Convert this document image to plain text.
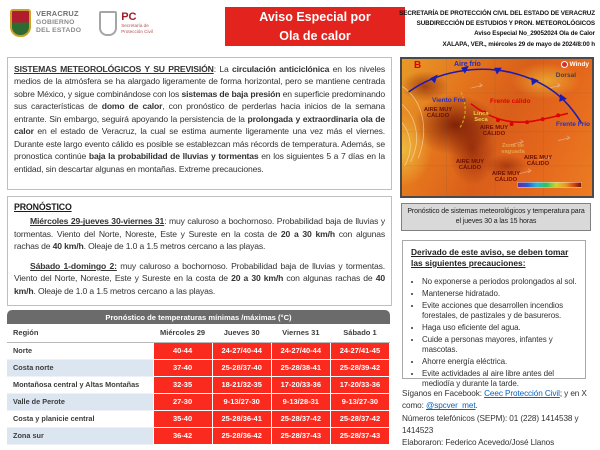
VERACRUZ
GOBIERNO
DEL ESTADO
PC
Secretaría de
Protección Civil
Aviso Especial por
Ola de calor
SECRETARÍA DE PROTECCIÓN CIVIL DEL ESTADO DE VERACRUZ
SUBDIRECCIÓN DE ESTUDIOS Y PRON. METEOROLÓGICOS
Aviso Especial No_29052024 Ola de Calor
XALAPA, VER., miércoles 29 de mayo de 2024/8:00 h
SISTEMAS METEOROLÓGICOS Y SU PREVISIÓN: La circulación anticiclónica en los niveles medios de la atmósfera se ha alargado ligeramente de forma horizontal, pero se mantiene centrada sobre México, y sigue combinándose con los sistemas de baja presión en superficie predominando sus características de domo de calor, con pronóstico de perderlas hacia inicios de la semana entrante. Sin embargo, seguirá apoyando la persistencia de la prolongada y extraordinaria ola de calor en el estado de Veracruz, la cual se estima aumente ligeramente una vez más el viernes. Durante este largo evento cálido es posible se establezcan más récords de temperatura. Además, se pronostica continúe baja la probabilidad de lluvias y tormentas en los siguientes 5 a 7 días en la entidad, sin descartar algunas en montañas. Extreme precauciones.
PRONÓSTICO

Miércoles 29-jueves 30-viernes 31: muy caluroso a bochornoso. Probabilidad baja de lluvias y tormentas. Viento del Norte, Noreste, Este y Sureste en la costa de 20 a 30 km/h con algunas rachas de 40 km/h. Oleaje de 1.0 a 1.5 metros cercano a las playas.

Sábado 1-domingo 2: muy caluroso a bochornoso. Probabilidad baja de lluvias y tormentas. Viento del Norte, Noreste, Este y Sureste en la costa de 20 a 30 km/h con algunas rachas de 40 km/h. Oleaje de 1.0 a 1.5 metros cercano a las playas.

Pronóstico de temperaturas mínimas /máximas (°C)
Región	Miércoles 29	Jueves 30	Viernes 31	Sábado 1
Norte	40-44	24-27/40-44	24-27/40-44	24-27/41-45
Costa norte	37-40	25-28/37-40	25-28/38-41	25-28/39-42
Montañosa central y Altas Montañas	32-35	18-21/32-35	17-20/33-36	17-20/33-36
Valle de Perote	27-30	9-13/27-30	9-13/28-31	9-13/27-30
Costa y planicie central	35-40	25-28/36-41	25-28/37-42	25-28/37-42
Zona sur	36-42	25-28/36-42	25-28/37-43	25-28/37-43
B	Aire frío	Windy
Dorsal
Viento Frío	Frente cálido
Frente Frío
Línea Seca
Zona de vaguada
AIRE MUY CÁLIDO
AIRE MUY CÁLIDO
AIRE MUY CÁLIDO
AIRE MUY CÁLIDO
AIRE MUY CÁLIDO
Pronóstico de sistemas meteorológicos y temperatura para el jueves 30 a las 15 horas
Derivado de este aviso, se deben tomar las siguientes precauciones:
• No exponerse a periodos prolongados al sol.
• Mantenerse hidratado.
• Evite acciones que desarrollen incendios forestales, de pastizales y de basureros.
• Haga uso eficiente del agua.
• Cuide a personas mayores, infantes y mascotas.
• Ahorre energía eléctrica.
• Evite actividades al aire libre antes del mediodía y durante la tarde.
Síganos en Facebook: Ceec Protección Civil; y en X como: @spcver_met.
Números telefónicos (SEPM): 01 (228) 1414538 y 1414523
Elaboraron: Federico Acevedo/José Llanos
